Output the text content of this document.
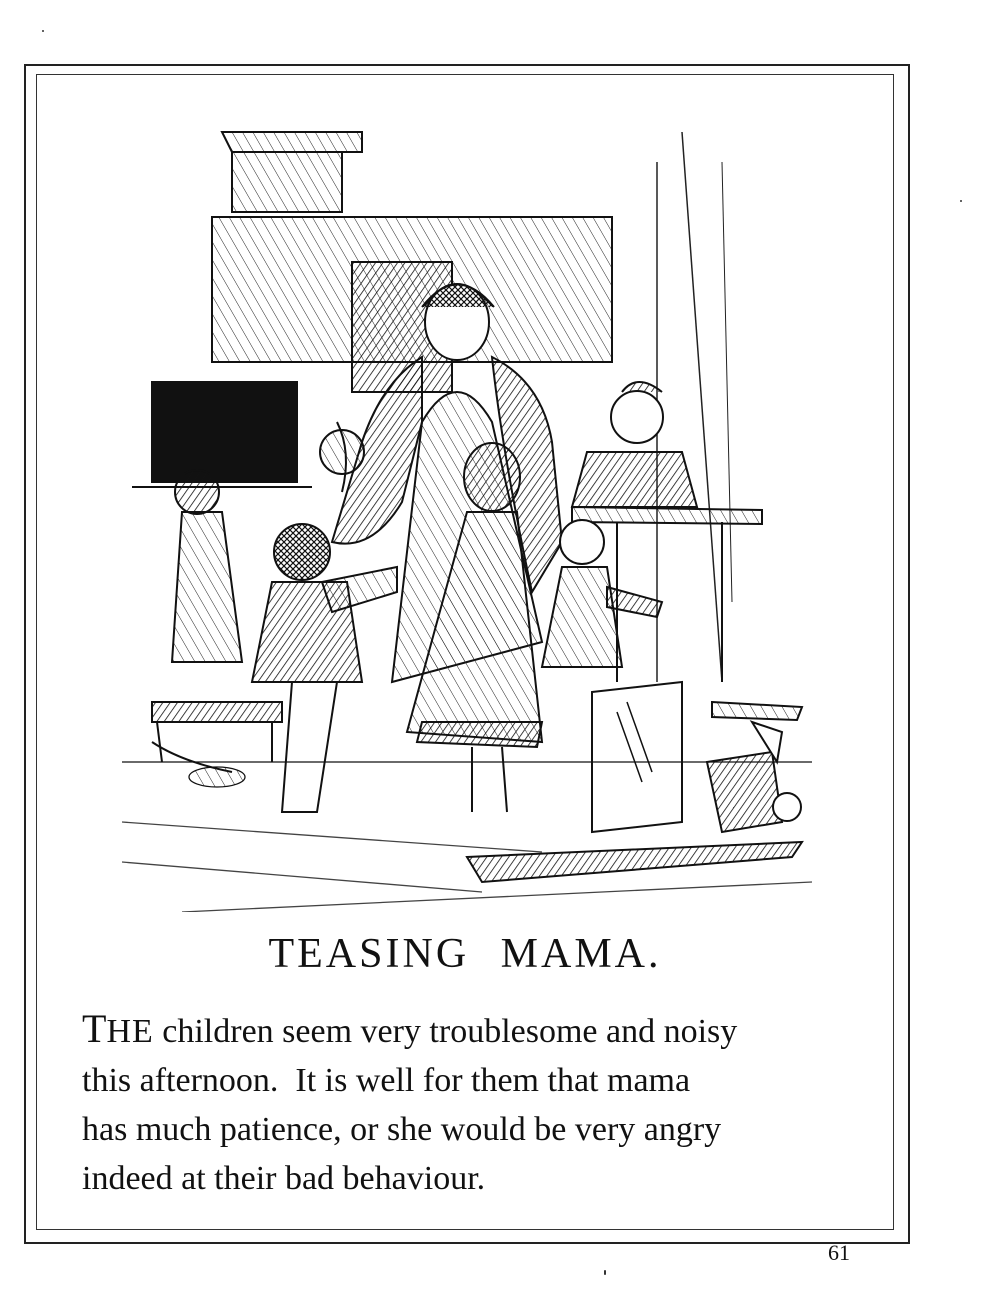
TEASING MAMA.
THE children seem very troublesome and noisy
this afternoon.  It is well for them that mama
has much patience, or she would be very angry
indeed at their bad behaviour.
61
